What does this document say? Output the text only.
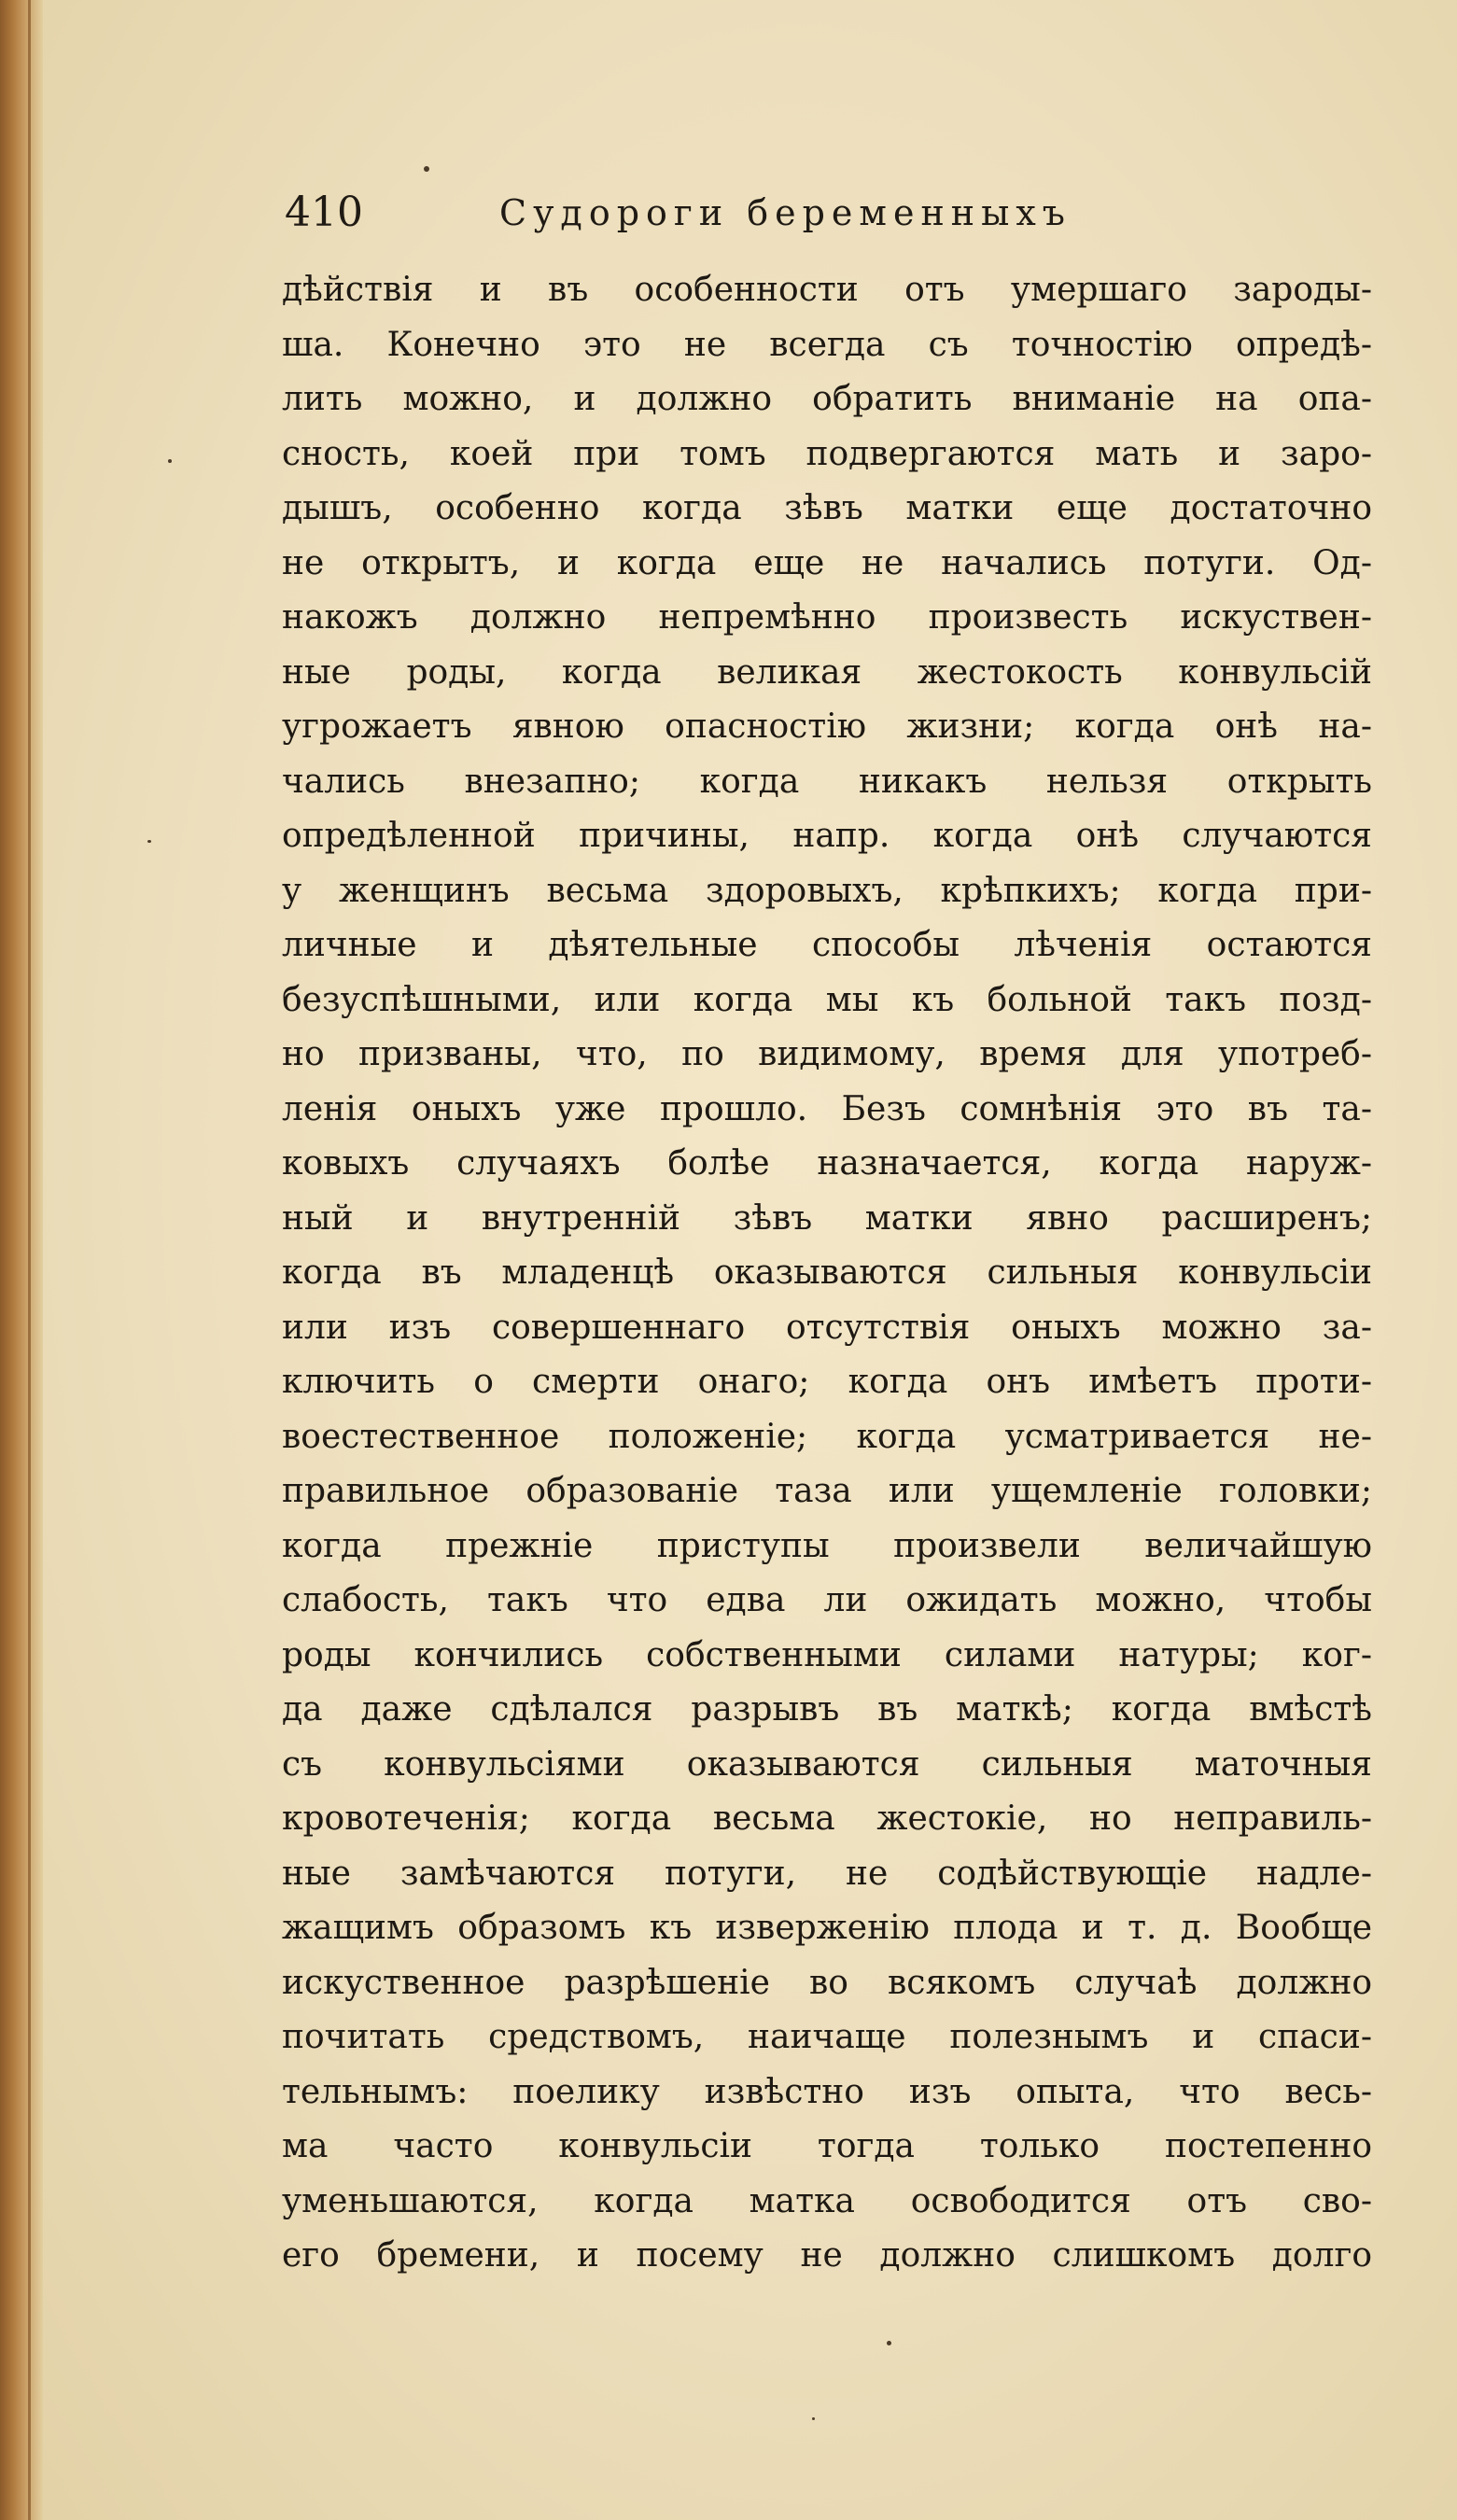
410	Судороги беременныхъ
дѣйствія и въ особенности отъ умершаго зароды-
ша. Конечно это не всегда съ точностію опредѣ-
лить можно, и должно обратить вниманіе на опа-
сность, коей при томъ подвергаются мать и заро-
дышъ, особенно когда зѣвъ матки еще достаточно
не открытъ, и когда еще не начались потуги. Од-
накожъ должно непремѣнно произвесть искуствен-
ные роды, когда великая жестокость конвульсій
угрожаетъ явною опасностію жизни; когда онѣ на-
чались внезапно; когда никакъ нельзя открыть
опредѣленной причины, напр. когда онѣ случаются
у женщинъ весьма здоровыхъ, крѣпкихъ; когда при-
личные и дѣятельные способы лѣченія остаются
безуспѣшными, или когда мы къ больной такъ позд-
но призваны, что, по видимому, время для употреб-
ленія оныхъ уже прошло. Безъ сомнѣнія это въ та-
ковыхъ случаяхъ болѣе назначается, когда наруж-
ный и внутренній зѣвъ матки явно расширенъ;
когда въ младенцѣ оказываются сильныя конвульсіи
или изъ совершеннаго отсутствія оныхъ можно за-
ключить о смерти онаго; когда онъ имѣетъ проти-
воестественное положеніе; когда усматривается не-
правильное образованіе таза или ущемленіе головки;
когда прежніе приступы произвели величайшую
слабость, такъ что едва ли ожидать можно, чтобы
роды кончились собственными силами натуры; ког-
да даже сдѣлался разрывъ въ маткѣ; когда вмѣстѣ
съ конвульсіями оказываются сильныя маточныя
кровотеченія; когда весьма жестокіе, но неправиль-
ные замѣчаются потуги, не содѣйствующіе надле-
жащимъ образомъ къ изверженію плода и т. д. Вообще
искуственное разрѣшеніе во всякомъ случаѣ должно
почитать средствомъ, наичаще полезнымъ и спаси-
тельнымъ: поелику извѣстно изъ опыта, что весь-
ма часто конвульсіи тогда только постепенно
уменьшаются, когда матка освободится отъ сво-
его бремени, и посему не должно слишкомъ долго
